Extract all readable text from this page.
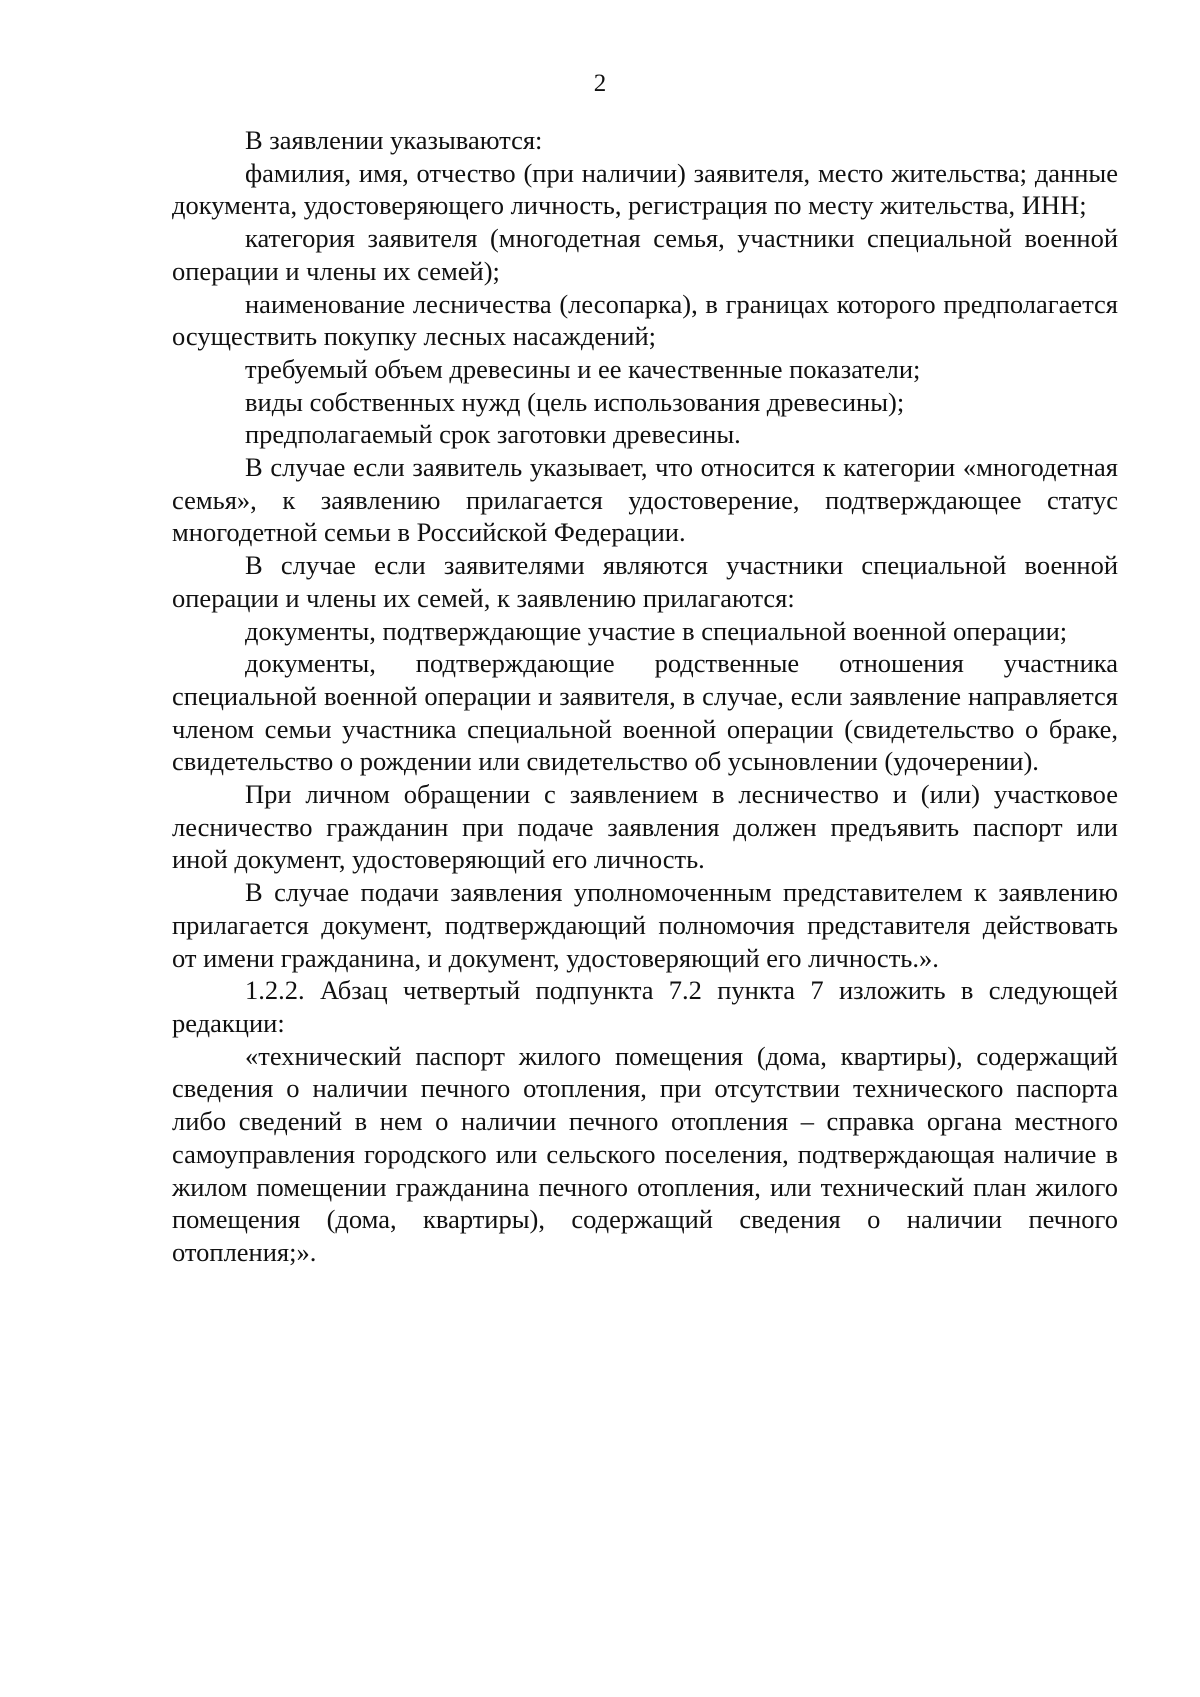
2

В заявлении указываются:

фамилия, имя, отчество (при наличии) заявителя, место жительства; данные документа, удостоверяющего личность, регистрация по месту жительства, ИНН;

категория заявителя (многодетная семья, участники специальной военной операции и члены их семей);

наименование лесничества (лесопарка), в границах которого предполагается осуществить покупку лесных насаждений;

требуемый объем древесины и ее качественные показатели;

виды собственных нужд (цель использования древесины);

предполагаемый срок заготовки древесины.

В случае если заявитель указывает, что относится к категории «многодетная семья», к заявлению прилагается удостоверение, подтверждающее статус многодетной семьи в Российской Федерации.

В случае если заявителями являются участники специальной военной операции и члены их семей, к заявлению прилагаются:

документы, подтверждающие участие в специальной военной операции;

документы, подтверждающие родственные отношения участника специальной военной операции и заявителя, в случае, если заявление направляется членом семьи участника специальной военной операции (свидетельство о браке, свидетельство о рождении или свидетельство об усыновлении (удочерении).

При личном обращении с заявлением в лесничество и (или) участковое лесничество гражданин при подаче заявления должен предъявить паспорт или иной документ, удостоверяющий его личность.

В случае подачи заявления уполномоченным представителем к заявлению прилагается документ, подтверждающий полномочия представителя действовать от имени гражданина, и документ, удостоверяющий его личность.».

1.2.2. Абзац четвертый подпункта 7.2 пункта 7 изложить в следующей редакции:

«технический паспорт жилого помещения (дома, квартиры), содержащий сведения о наличии печного отопления, при отсутствии технического паспорта либо сведений в нем о наличии печного отопления – справка органа местного самоуправления городского или сельского поселения, подтверждающая наличие в жилом помещении гражданина печного отопления, или технический план жилого помещения (дома, квартиры), содержащий сведения о наличии печного отопления;».
